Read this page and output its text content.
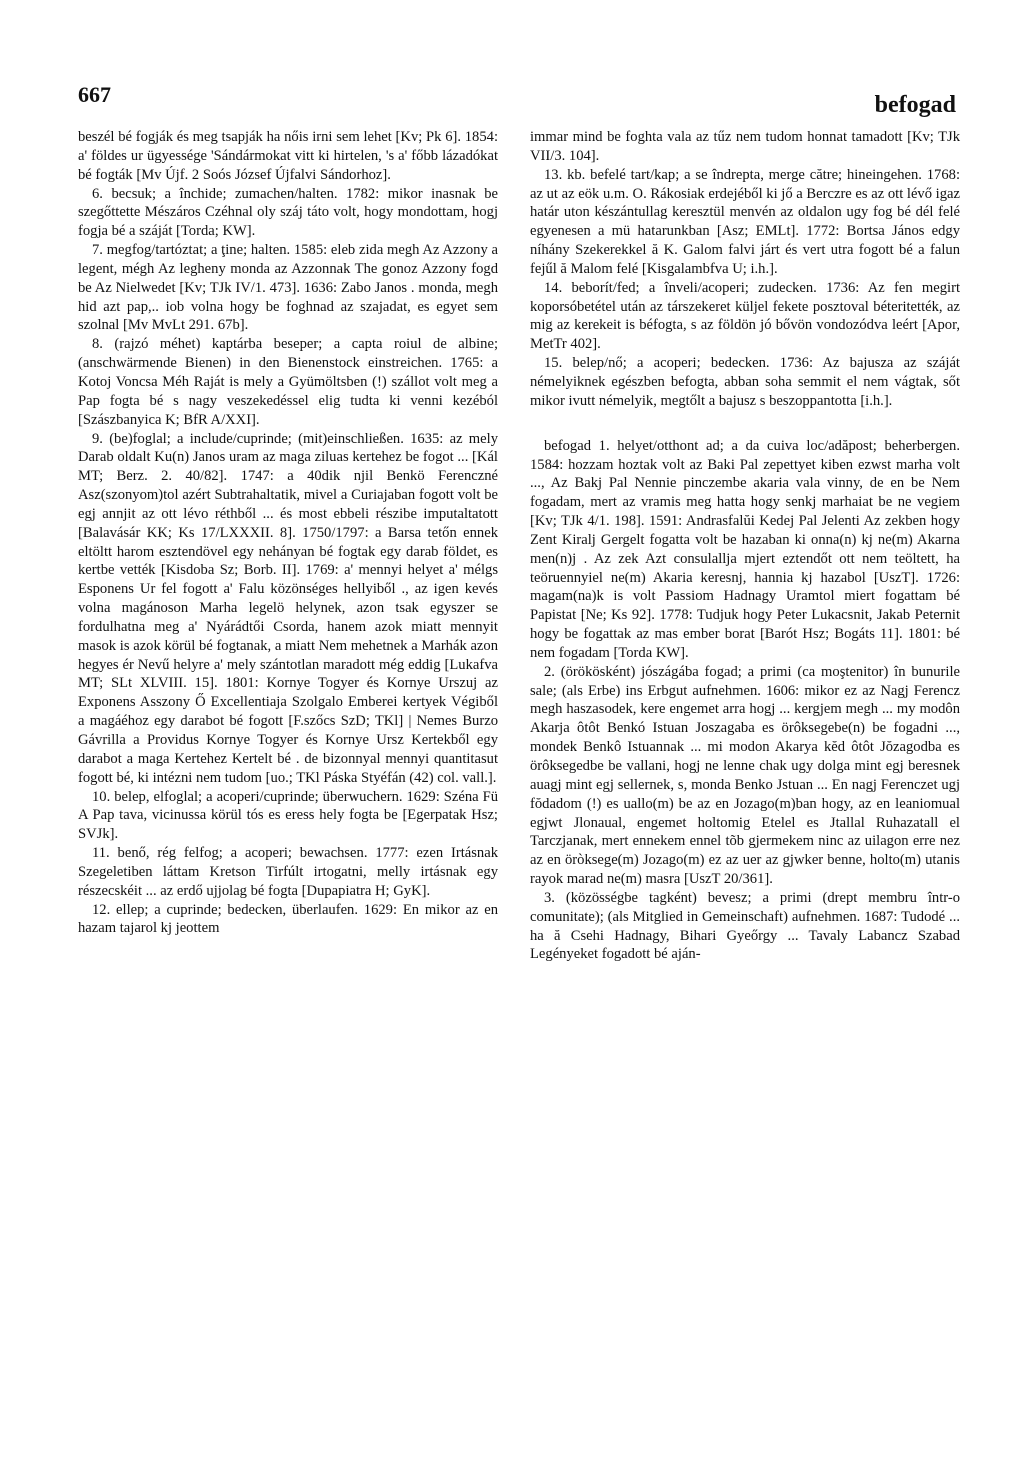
667	befogad

beszél bé fogják és meg tsapják ha nőis irni sem lehet [Kv; Pk 6]. 1854: a' földes ur ügyessége 'Sándármokat vitt ki hirtelen, 's a' főbb lázadókat bé fogták [Mv Újf. 2 Soós József Újfalvi Sándorhoz].

6. becsuk; a închide; zumachen/halten. 1782: mikor inasnak be szegőttette Mészáros Czéhnal oly száj táto volt, hogy mondottam, hogj fogja bé a száját [Torda; KW].

7. megfog/tartóztat; a ţine; halten. 1585: eleb zida megh Az Azzony a legent, mégh Az legheny monda az Azzonnak The gonoz Azzony fogd be Az Nielwedet [Kv; TJk IV/1. 473]. 1636: Zabo Janos . monda, megh hid azt pap,.. iob volna hogy be foghnad az szajadat, es egyet sem szolnal [Mv MvLt 291. 67b].

8. (rajzó méhet) kaptárba beseper; a capta roiul de albine; (anschwärmende Bienen) in den Bienenstock einstreichen. 1765: a Kotoj Voncsa Méh Raját is mely a Gyümöltsben (!) szállot volt meg a Pap fogta bé s nagy veszekedéssel elig tudta ki venni kezéból [Szászbanyica K; BfR A/XXI].

9. (be)foglal; a include/cuprinde; (mit)einschließen. 1635: az mely Darab oldalt Ku(n) Janos uram az maga ziluas kertehez be fogot ... [Kál MT; Berz. 2. 40/82]. 1747: a 40dik njil Benkö Ferenczné Asz(szonyom)tol azért Subtrahaltatik, mivel a Curiajaban fogott volt be egj annjit az ott lévo réthből ... és most ebbeli részibe imputaltatott [Balavásár KK; Ks 17/LXXXII. 8]. 1750/1797: a Barsa tetőn ennek eltöltt harom esztendövel egy nehányan bé fogtak egy darab földet, es kertbe vették [Kisdoba Sz; Borb. II]. 1769: a' mennyi helyet a' mélgs Esponens Ur fel fogott a' Falu közönséges hellyiből ., az igen kevés volna magánoson Marha legelö helynek, azon tsak egyszer se fordulhatna meg a' Nyárádtői Csorda, hanem azok miatt mennyit masok is azok körül bé fogtanak, a miatt Nem mehetnek a Marhák azon hegyes ér Nevű helyre a' mely szántotlan maradott még eddig [Lukafva MT; SLt XLVIII. 15]. 1801: Kornye Togyer és Kornye Urszuj az Exponens Asszony Ő Excellentiaja Szolgalo Emberei kertyek Végiből a magáéhoz egy darabot bé fogott [F.szőcs SzD; TKl] | Nemes Burzo Gávrilla a Providus Kornye Togyer és Kornye Ursz Kertekből egy darabot a maga Kertehez Kertelt bé . de bizonnyal mennyi quantitasut fogott bé, ki intézni nem tudom [uo.; TKl Páska Styéfán (42) col. vall.].

10. belep, elfoglal; a acoperi/cuprinde; überwuchern. 1629: Széna Fü A Pap tava, vicinussa körül tós es eress hely fogta be [Egerpatak Hsz; SVJk].

11. benő, rég felfog; a acoperi; bewachsen. 1777: ezen Irtásnak Szegeletiben láttam Kretson Tirfúlt irtogatni, melly irtásnak egy részecskéit ... az erdő ujjolag bé fogta [Dupapiatra H; GyK].

12. ellep; a cuprinde; bedecken, überlaufen. 1629: En mikor az en hazam tajarol kj jeottem

immar mind be foghta vala az tűz nem tudom honnat tamadott [Kv; TJk VII/3. 104].

13. kb. befelé tart/kap; a se îndrepta, merge către; hineingehen. 1768: az ut az eök u.m. O. Rákosiak erdejéből ki jő a Berczre es az ott lévő igaz határ uton készántullag keresztül menvén az oldalon ugy fog bé dél felé egyenesen a mü hatarunkban [Asz; EMLt]. 1772: Bortsa János edgy níhány Szekerekkel ă K. Galom falvi járt és vert utra fogott bé a falun fejűl ă Malom felé [Kisgalambfva U; i.h.].

14. beborít/fed; a înveli/acoperi; zudecken. 1736: Az fen megirt koporsóbetétel után az társzekeret küljel fekete posztoval béteritették, az mig az kerekeit is béfogta, s az földön jó bővön vondozódva leért [Apor, MetTr 402].

15. belep/nő; a acoperi; bedecken. 1736: Az bajusza az száját némelyiknek egészben befogta, abban soha semmit el nem vágtak, sőt mikor ivutt némelyik, megtőlt a bajusz s beszoppantotta [i.h.].

befogad 1. helyet/otthont ad; a da cuiva loc/adăpost; beherbergen. 1584: hozzam hoztak volt az Baki Pal zepettyet kiben ezwst marha volt ..., Az Bakj Pal Nennie pinczembe akaria vala vinny, de en be Nem fogadam, mert az vramis meg hatta hogy senkj marhaiat be ne vegiem [Kv; TJk 4/1. 198]. 1591: Andrasfalŭi Kedej Pal Jelenti Az zekben hogy Zent Kiralj Gergelt fogatta volt be hazaban ki onna(n) kj ne(m) Akarna men(n)j . Az zek Azt consulallja mjert eztendőt ott nem teöltett, ha teöruennyiel ne(m) Akaria keresnj, hannia kj hazabol [UszT]. 1726: magam(na)k is volt Passiom Hadnagy Uramtol miert fogattam bé Papistat [Ne; Ks 92]. 1778: Tudjuk hogy Peter Lukacsnit, Jakab Peternit hogy be fogattak az mas ember borat [Barót Hsz; Bogáts 11]. 1801: bé nem fogadam [Torda KW].

2. (örökösként) jószágába fogad; a primi (ca moştenitor) în bunurile sale; (als Erbe) ins Erbgut aufnehmen. 1606: mikor ez az Nagj Ferencz megh haszasodek, kere engemet arra hogj ... kergjem megh ... my modôn Akarja ôtôt Benkó Istuan Joszagaba es örôksegebe(n) be fogadni ..., mondek Benkô Istuannak ... mi modon Akarya kĕd ôtôt Jŏzagodba es örôksegedbe be vallani, hogj ne lenne chak ugy dolga mint egj beresnek auagj mint egj sellernek, s, monda Benko Jstuan ... En nagj Ferenczet ugj fŏdadom (!) es uallo(m) be az en Jozago(m)ban hogy, az en leaniomual egjwt Jlonaual, engemet holtomig Etelel es Jtallal Ruhazatall el Tarczjanak, mert ennekem ennel tõb gjermekem ninc az uilagon erre nez az en öròksege(m) Jozago(m) ez az uer az gjwker benne, holto(m) utanis rayok marad ne(m) masra [UszT 20/361].

3. (közösségbe tagként) bevesz; a primi (drept membru într-o comunitate); (als Mitglied in Gemeinschaft) aufnehmen. 1687: Tudodé ... ha ă Csehi Hadnagy, Bihari Gyeőrgy ... Tavaly Labancz Szabad Legényeket fogadott bé aján-
